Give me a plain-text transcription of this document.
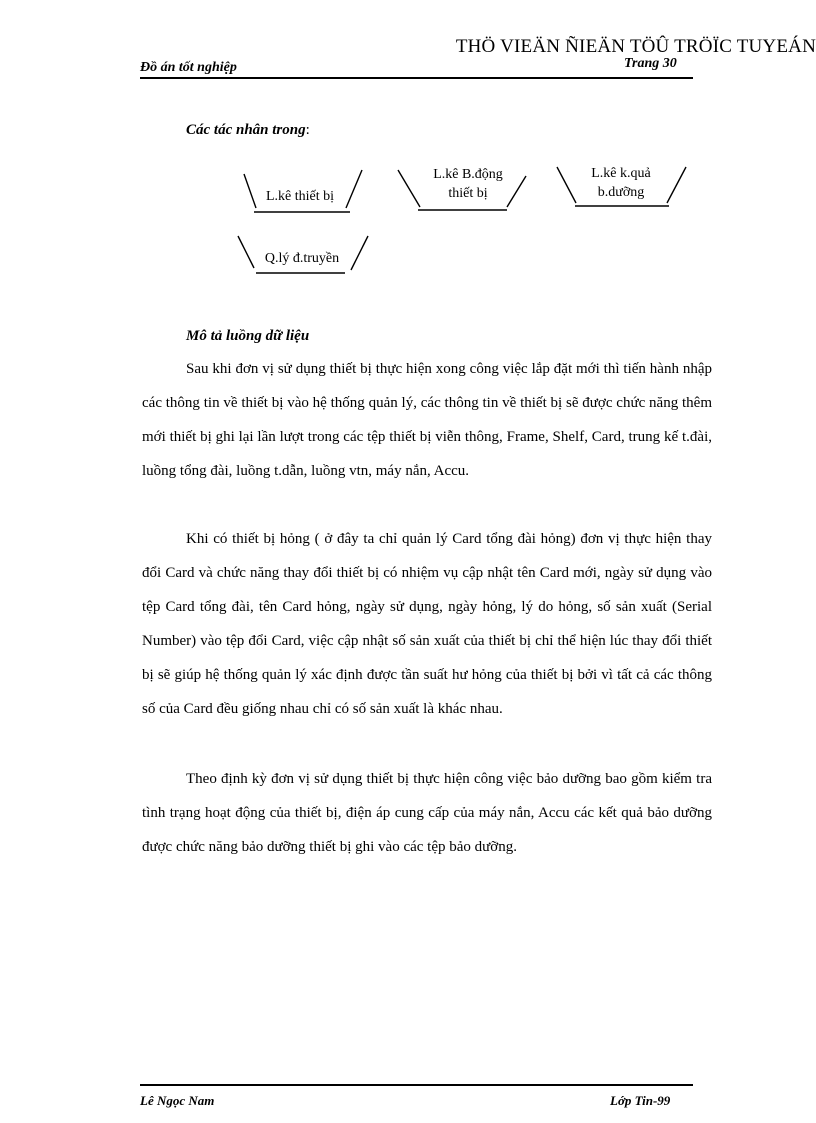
THÖ VIEÄN ÑIEÄN TÖÛ TRÖÏC TUYEÁN
Đồ án tốt nghiệp	Trang 30
Các tác nhân trong:
L.kê thiết bị
L.kê B.động
thiết bị
L.kê k.quả
b.dưỡng
Q.lý đ.truyền
Mô tả luồng dữ liệu

Sau khi đơn vị sử dụng thiết bị thực hiện xong công việc lắp đặt mới thì tiến hành nhập các thông tin về thiết bị vào hệ thống quản lý, các thông tin về thiết bị sẽ được chức năng thêm mới thiết bị ghi lại lần lượt trong các tệp thiết bị viễn thông, Frame, Shelf, Card, trung kế t.đài, luồng tổng đài, luồng t.dẫn, luồng vtn, máy nắn, Accu.

Khi có thiết bị hỏng ( ở đây ta chỉ quản lý Card tổng đài hỏng) đơn vị thực hiện thay đổi Card và chức năng thay đổi thiết bị có nhiệm vụ cập nhật tên Card mới, ngày sử dụng vào tệp Card tổng đài, tên Card hỏng, ngày sử dụng, ngày hỏng, lý do hỏng, số sản xuất (Serial Number) vào tệp đổi Card, việc cập nhật số sản xuất của thiết bị chỉ thể hiện lúc thay đổi thiết bị sẽ giúp hệ thống quản lý xác định được tần suất hư hỏng của thiết bị bởi vì tất cả các thông số của Card đều giống nhau chỉ có số sản xuất là khác nhau.

Theo định kỳ đơn vị sử dụng thiết bị thực hiện công việc bảo dưỡng bao gồm kiểm tra tình trạng hoạt động của thiết bị, điện áp cung cấp của máy nắn, Accu các kết quả bảo dưỡng được chức năng bảo dưỡng thiết bị ghi vào các tệp bảo dưỡng.

Lê Ngọc Nam	Lớp Tin-99
